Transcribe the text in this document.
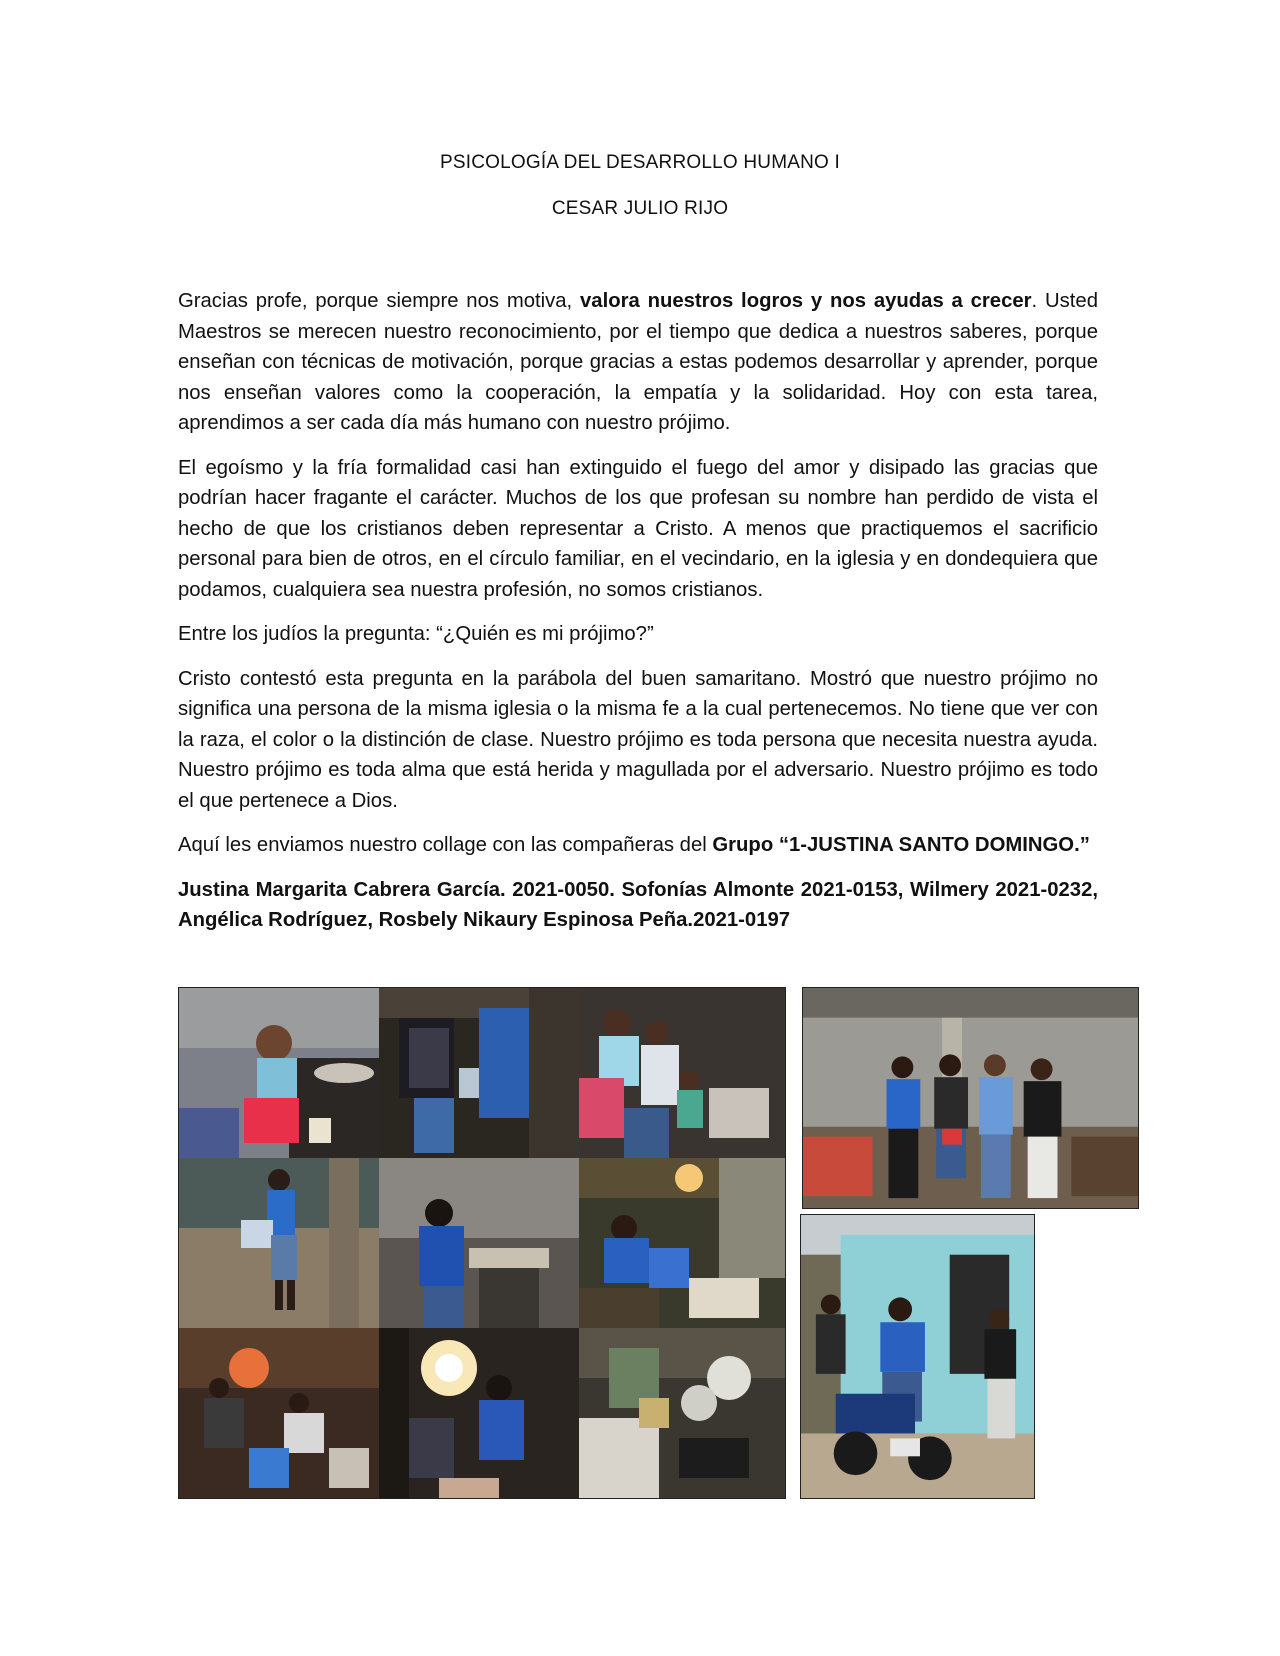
PSICOLOGÍA DEL DESARROLLO HUMANO I
CESAR JULIO RIJO

Gracias profe, porque siempre nos motiva, valora nuestros logros y nos ayudas a crecer. Usted Maestros se merecen nuestro reconocimiento, por el tiempo que dedica a nuestros saberes, porque enseñan con técnicas de motivación, porque gracias a estas podemos desarrollar y aprender, porque nos enseñan valores como la cooperación, la empatía y la solidaridad. Hoy con esta tarea, aprendimos a ser cada día más humano con nuestro prójimo.

El egoísmo y la fría formalidad casi han extinguido el fuego del amor y disipado las gracias que podrían hacer fragante el carácter. Muchos de los que profesan su nombre han perdido de vista el hecho de que los cristianos deben representar a Cristo. A menos que practiquemos el sacrificio personal para bien de otros, en el círculo familiar, en el vecindario, en la iglesia y en dondequiera que podamos, cualquiera sea nuestra profesión, no somos cristianos.

Entre los judíos la pregunta: “¿Quién es mi prójimo?”

Cristo contestó esta pregunta en la parábola del buen samaritano. Mostró que nuestro prójimo no significa una persona de la misma iglesia o la misma fe a la cual pertenecemos. No tiene que ver con la raza, el color o la distinción de clase. Nuestro prójimo es toda persona que necesita nuestra ayuda. Nuestro prójimo es toda alma que está herida y magullada por el adversario. Nuestro prójimo es todo el que pertenece a Dios.

Aquí les enviamos nuestro collage con las compañeras del Grupo “1-JUSTINA SANTO DOMINGO.”

Justina Margarita Cabrera García. 2021-0050. Sofonías Almonte 2021-0153, Wilmery 2021-0232, Angélica Rodríguez, Rosbely Nikaury Espinosa Peña.2021-0197
